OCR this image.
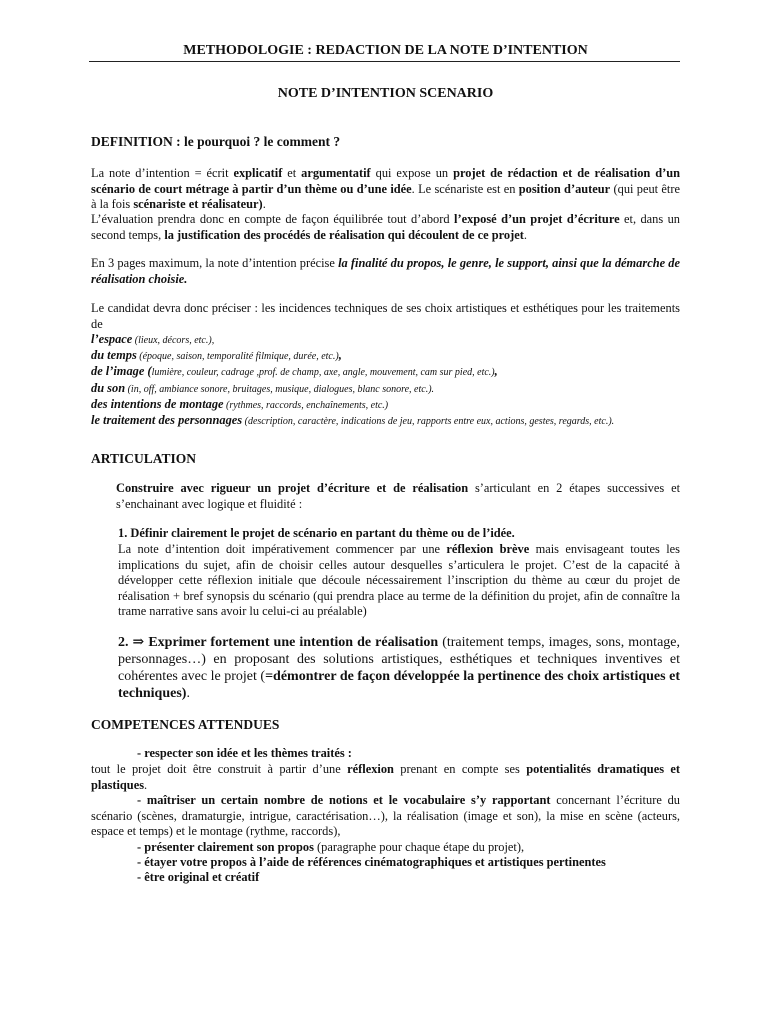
METHODOLOGIE : REDACTION DE LA NOTE D’INTENTION
NOTE D’INTENTION SCENARIO
DEFINITION : le pourquoi ? le comment ?

La note d’intention = écrit explicatif et argumentatif qui expose un projet de rédaction et de réalisation d’un scénario de court métrage à partir d’un thème ou d’une idée. Le scénariste est en position d’auteur (qui peut être à la fois scénariste et réalisateur).

L’évaluation prendra donc en compte de façon équilibrée tout d’abord l’exposé d’un projet d’écriture et, dans un second temps, la justification des procédés de réalisation qui découlent de ce projet.

En 3 pages maximum, la note d’intention précise la finalité du propos, le genre, le support, ainsi que la démarche de réalisation choisie.

Le candidat devra donc préciser : les incidences techniques de ses choix artistiques et esthétiques pour les traitements de

l’espace (lieux, décors, etc.),
du temps (époque, saison, temporalité filmique, durée, etc.),
de l’image (lumière, couleur, cadrage ,prof. de champ, axe, angle, mouvement, cam sur pied, etc.),
du son (in, off, ambiance sonore, bruitages, musique, dialogues, blanc sonore, etc.).
des intentions de montage (rythmes, raccords, enchaînements, etc.)
le traitement des personnages (description, caractère, indications de jeu, rapports entre eux, actions, gestes, regards, etc.).
ARTICULATION

Construire avec rigueur un projet d’écriture et de réalisation s’articulant en 2 étapes successives et s’enchainant avec logique et fluidité :

1. Définir clairement le projet de scénario en partant du thème ou de l’idée.

La note d’intention doit impérativement commencer par une réflexion brève mais envisageant toutes les implications du sujet, afin de choisir celles autour desquelles s’articulera le projet. C’est de la capacité à développer cette réflexion initiale que découle nécessairement l’inscription du thème au cœur du projet de réalisation + bref synopsis du scénario (qui prendra place au terme de la définition du projet, afin de connaître la trame narrative sans avoir lu celui-ci au préalable)

2. ⇒ Exprimer fortement une intention de réalisation (traitement temps, images, sons, montage, personnages…) en proposant des solutions artistiques, esthétiques et techniques inventives et cohérentes avec le projet (=démontrer de façon développée la pertinence des choix artistiques et techniques).

COMPETENCES ATTENDUES

- respecter son idée et les thèmes traités :

tout le projet doit être construit à partir d’une réflexion prenant en compte ses potentialités dramatiques et plastiques.

- maîtriser un certain nombre de notions et le vocabulaire s’y rapportant concernant l’écriture du scénario (scènes, dramaturgie, intrigue, caractérisation…), la réalisation (image et son), la mise en scène (acteurs, espace et temps) et le montage (rythme, raccords),

- présenter clairement son propos (paragraphe pour chaque étape du projet),

- étayer votre propos à l’aide de références cinématographiques et artistiques pertinentes

- être original et créatif
